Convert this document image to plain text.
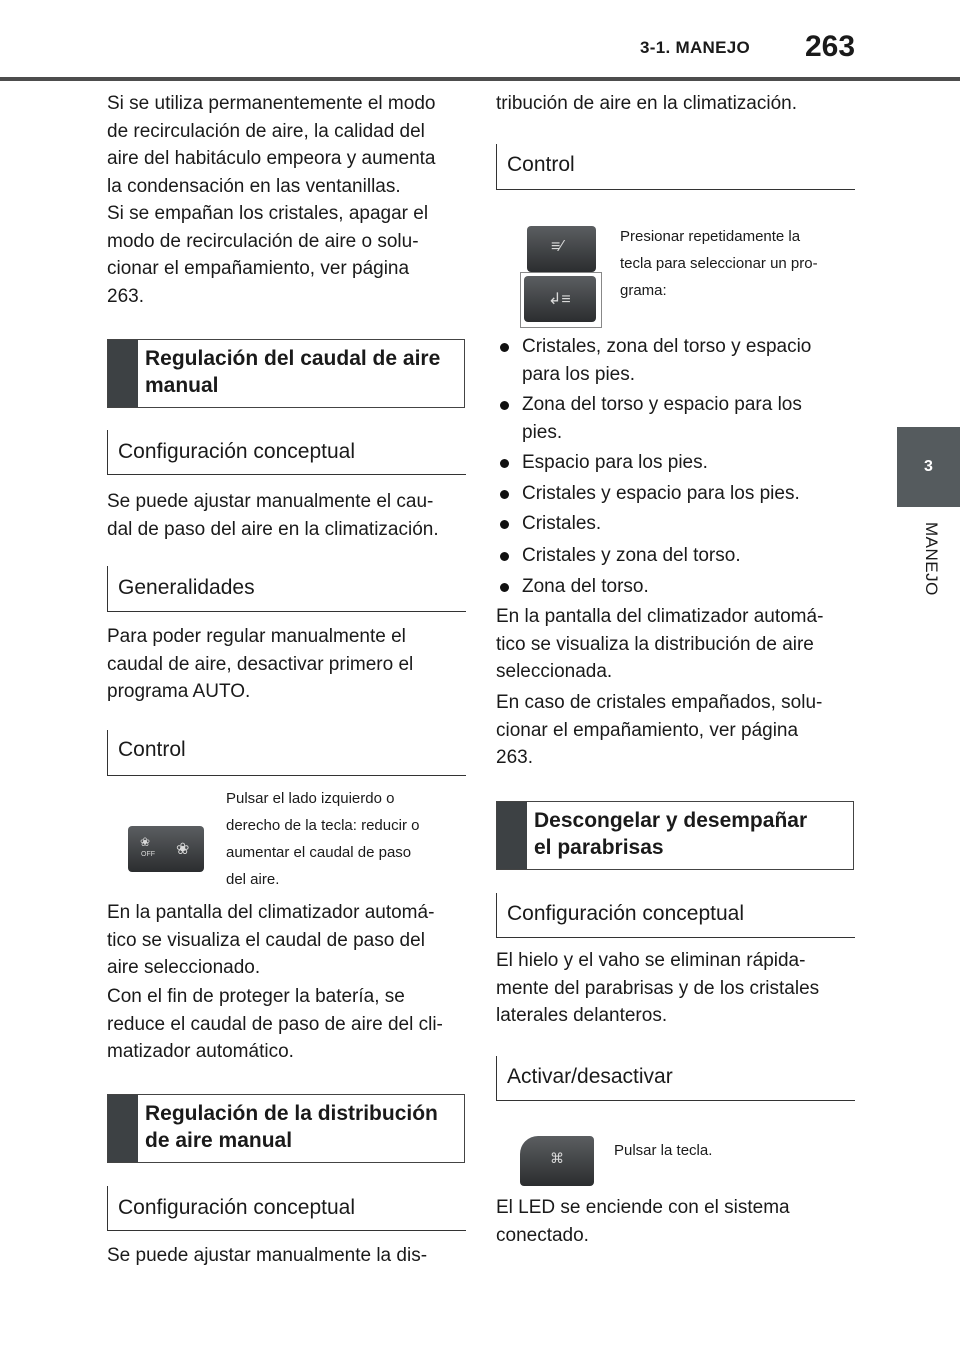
3-1. MANEJO 263
3
MANEJO
Si se utiliza permanentemente el modo
de recirculación de aire, la calidad del
aire del habitáculo empeora y aumenta
la condensación en las ventanillas.
Si se empañan los cristales, apagar el
modo de recirculación de aire o solu-
cionar el empañamiento, ver página
263.
Regulación del caudal de aire
manual
Configuración conceptual
Se puede ajustar manualmente el cau-
dal de paso del aire en la climatización.
Generalidades
Para poder regular manualmente el
caudal de aire, desactivar primero el
programa AUTO.
Control
❀
OFF ❀
Pulsar el lado izquierdo o
derecho de la tecla: reducir o
aumentar el caudal de paso
del aire.
En la pantalla del climatizador automá-
tico se visualiza el caudal de paso del
aire seleccionado.
Con el fin de proteger la batería, se
reduce el caudal de paso de aire del cli-
matizador automático.
Regulación de la distribución
de aire manual
Configuración conceptual
Se puede ajustar manualmente la dis-
tribución de aire en la climatización.
Control
≡⁄
↲≡
Presionar repetidamente la
tecla para seleccionar un pro-
grama:
Cristales, zona del torso y espacio
para los pies.
Zona del torso y espacio para los
pies.
Espacio para los pies.
Cristales y espacio para los pies.
Cristales.
Cristales y zona del torso.
Zona del torso.
En la pantalla del climatizador automá-
tico se visualiza la distribución de aire
seleccionada.
En caso de cristales empañados, solu-
cionar el empañamiento, ver página
263.
Descongelar y desempañar
el parabrisas
Configuración conceptual
El hielo y el vaho se eliminan rápida-
mente del parabrisas y de los cristales
laterales delanteros.
Activar/desactivar
⌘	Pulsar la tecla.
El LED se enciende con el sistema
conectado.
